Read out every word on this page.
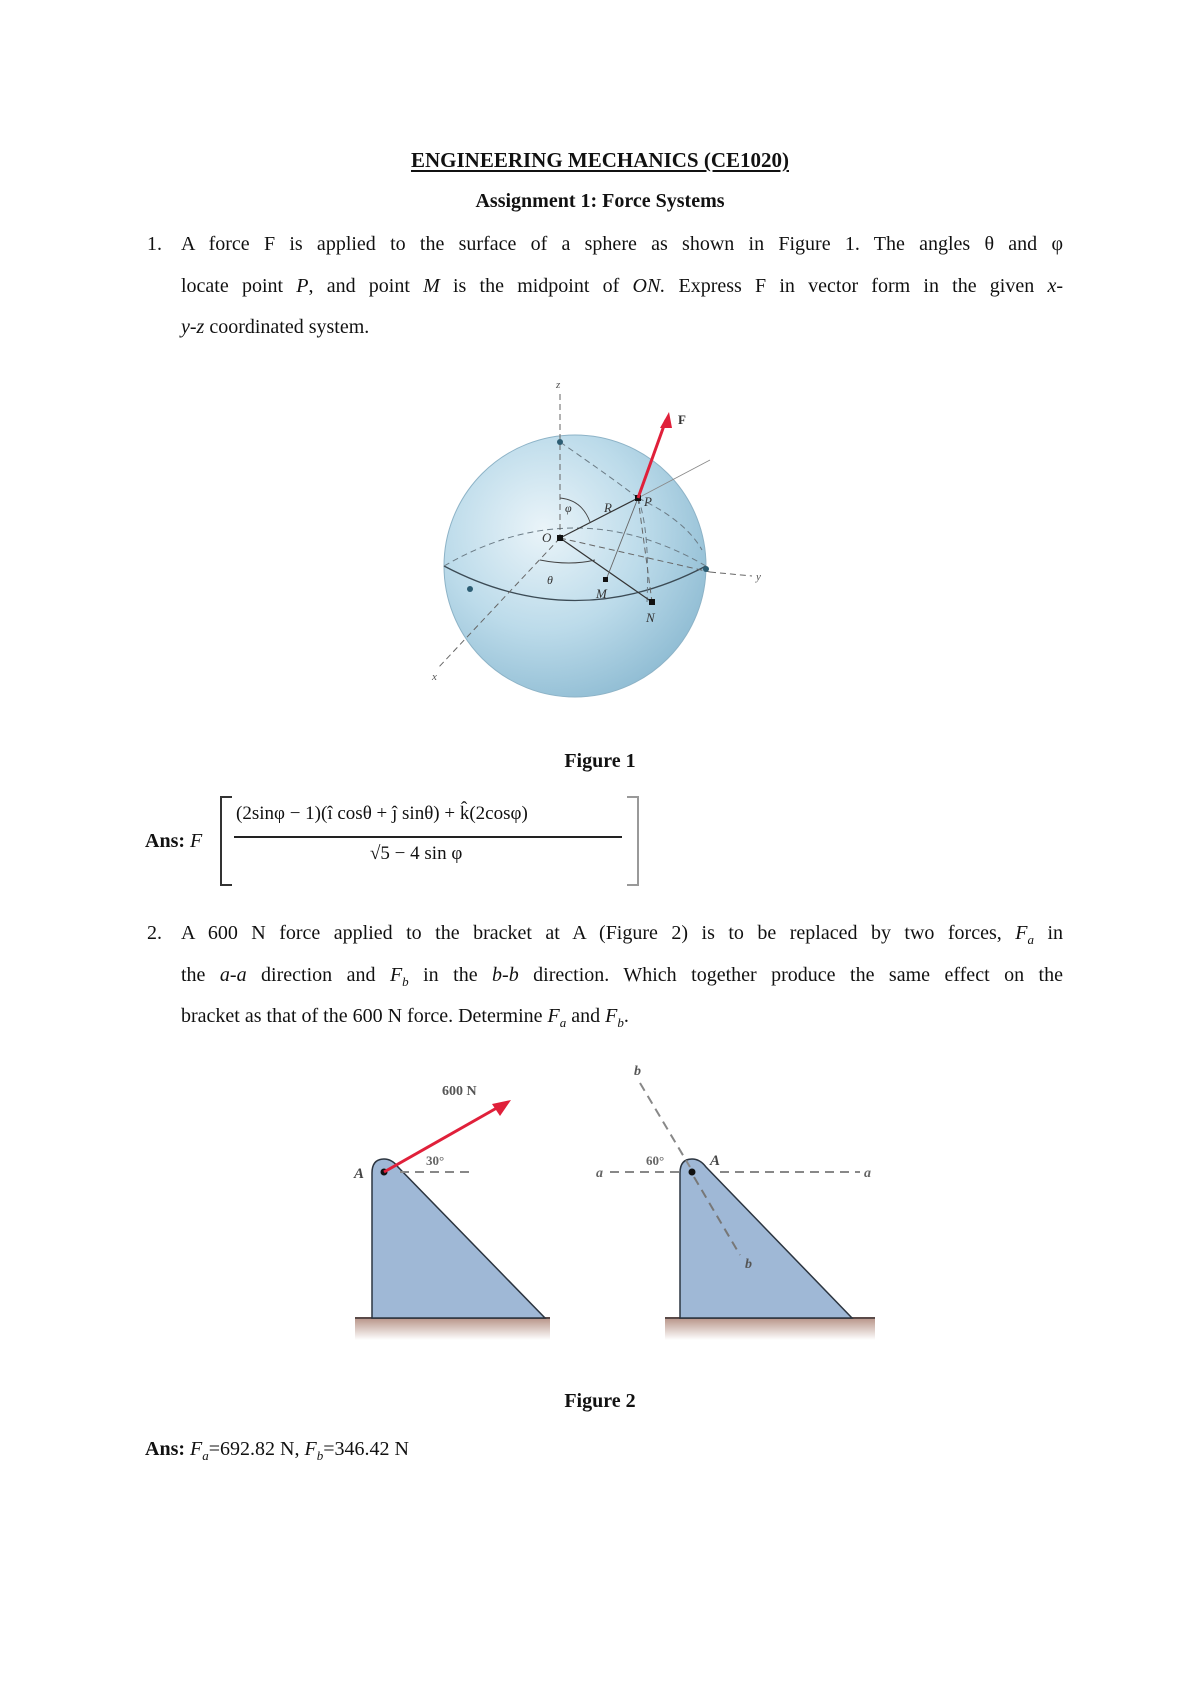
ENGINEERING MECHANICS (CE1020)
Assignment 1: Force Systems
1. A force F is applied to the surface of a sphere as shown in Figure 1. The angles θ and φ
locate point P, and point M is the midpoint of ON. Express F in vector form in the given x-
y-z coordinated system.
z
y
x
F
P
R
O
M
N
φ
θ
Figure 1
Ans: F
(2sinφ − 1)(î cosθ + ĵ sinθ) + k̂(2cosφ)
√5 − 4 sin φ
2. A 600 N force applied to the bracket at A (Figure 2) is to be replaced by two forces, $F_a$ in
the a-a direction and $F_b$ in the b-b direction. Which together produce the same effect on the
bracket as that of the 600 N force. Determine $F_a$ and $F_b$.
600 N
30°
A	a	a
b
b
60°	A
Figure 2
Ans: $F_a=692.82$ N, $F_b=346.42$ N
